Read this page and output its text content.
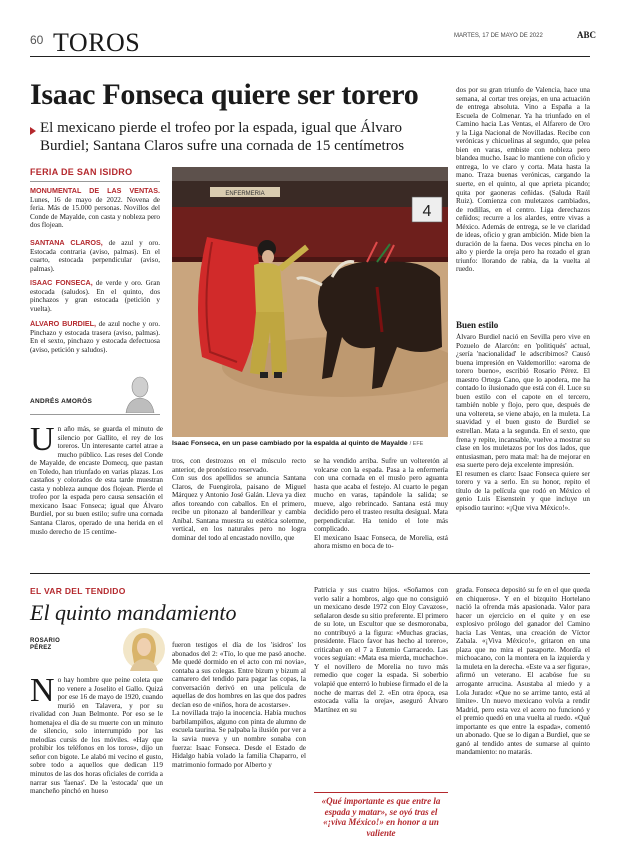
60 TOROS	MARTES, 17 DE MAYO DE 2022	ABC
Isaac Fonseca quiere ser torero
El mexicano pierde el trofeo por la espada, igual que Álvaro Burdiel; Santana Claros sufre una cornada de 15 centímetros
FERIA DE SAN ISIDRO
MONUMENTAL DE LAS VENTAS. Lunes, 16 de mayo de 2022. Novena de feria. Más de 15.000 personas. Novillos del Conde de Mayalde, con casta y nobleza pero dos flojean.
SANTANA CLAROS, de azul y oro. Estocada contraria (aviso, palmas). En el cuarto, estocada perpendicular (aviso, palmas).
ISAAC FONSECA, de verde y oro. Gran estocada (saludos). En el quinto, dos pinchazos y gran estocada (petición y vuelta).
ÁLVARO BURDIEL, de azul noche y oro. Pinchazo y estocada trasera (aviso, palmas). En el sexto, pinchazo y estocada defectuosa (aviso, petición y saludos).
ANDRÉS AMORÓS
ENFERMERIA
4
Isaac Fonseca, en un pase cambiado por la espalda al quinto de Mayalde / EFE
Un año más, se guarda el minuto de silencio por Gallito, el rey de los toreros. Un interesante cartel atrae a mucho público. Las reses del Conde de Mayalde, de encaste Domecq, que pastan en Toledo, han triunfado en varias plazas. Los castaños y colorados de esta tarde muestran casta y nobleza aunque dos flojean. Pierde el trofeo por la espada pero causa sensación el mexicano Isaac Fonseca; igual que Álvaro Burdiel, por su buen estilo; sufre una cornada Santana Claros, operado de una herida en el muslo derecho de 15 centíme-
tros, con destrozos en el músculo recto anterior, de pronóstico reservado.
Con sus dos apellidos se anuncia Santana Claros, de Fuengirola, paisano de Miguel Márquez y Antonio José Galán. Lleva ya diez años toreando con caballos. En el primero, recibe un pitonazo al banderillear y cambia Aníbal. Santana muestra su estética solemne, vertical, en los naturales pero no logra dominar del todo al encastado novillo, que
se ha vendido arriba. Sufre un volteretón al volcarse con la espada. Pasa a la enfermería con una cornada en el muslo pero aguanta hasta que acaba el festejo. Al cuarto le pegan mucho en varas, tapándole la salida; se mueve, algo rebrincado. Santana está muy decidido pero el trasteo resulta desigual. Mata perpendicular. Ha tenido el lote más complicado.
El mexicano Isaac Fonseca, de Morelia, está ahora mismo en boca de to-
dos por su gran triunfo de Valencia, hace una semana, al cortar tres orejas, en una actuación de entrega absoluta. Vino a España a la Escuela de Colmenar. Ya ha triunfado en el Camino hacia Las Ventas, el Alfarero de Oro y la Liga Nacional de Novilladas. Recibe con verónicas y chicuelinas al segundo, que pelea bien en varas, embiste con nobleza pero blandea mucho. Isaac lo mantiene con oficio y entrega, lo ve claro y corta. Mata hasta la mano. Traza buenas verónicas, cargando la suerte, en el quinto, al que aprieta picando; quita por gaoneras ceñidas. (Saluda Raúl Ruiz). Comienza con muletazos cambiados, de rodillas, en el centro. Liga derechazos ceñidos; recurre a los alardes, entre vivas a México. Además de entrega, se le ve claridad de ideas, oficio y gran ambición. Mide bien la duración de la faena. Dos veces pincha en lo alto y pierde la oreja pero ha rozado el gran triunfo: llorando de rabia, da la vuelta al ruedo.
Buen estilo
Álvaro Burdiel nació en Sevilla pero vive en Pozuelo de Alarcón: en 'politiqués' actual, ¿sería 'nacionalidad' le adscribimos? Causó buena impresión en Valdemorillo: «aroma de torero bueno», escribió Rosario Pérez. El maestro Ortega Cano, que lo apodera, me ha contado lo ilusionado que está con él. Luce su buen estilo con el capote en el tercero, también noble y flojo, pero que, después de una voltereta, se viene abajo, en la muleta. La suavidad y el buen gusto de Burdiel se estrellan. Mata a la segunda. En el sexto, que frena y repite, incansable, vuelve a mostrar su clase en los muletazos por los dos lados, que entusiasman, pero mata mal: ha de mejorar en esa suerte pero deja excelente impresión.
El resumen es claro: Isaac Fonseca quiere ser torero y va a serlo. En su honor, repito el título de la película que rodó en México el genio Luis Eisenstein y que incluye un episodio taurino: «¡Que viva México!».
EL VAR DEL TENDIDO
El quinto mandamiento
ROSARIO
PÉREZ
No hay hombre que peine coleta que no venere a Joselito el Gallo. Quizá por ese 16 de mayo de 1920, cuando murió en Talavera, y por su rivalidad con Juan Belmonte. Por eso se le homenajea el día de su muerte con un minuto de silencio, solo interrumpido por las melodías cursis de los móviles. «Hay que prohibir los teléfonos en los toros», dijo un señor con bigote. Le alabó mi vecino el gusto, sobre todo a aquellos que dedican 119 minutos de las dos horas oficiales de corrida a narrar sus 'faenas'. De la 'estocada' que un mancheño pinchó en hueso
fueron testigos el día de los 'isidros' los abonados del 2: «Tío, lo que me pasó anoche. Me quedé dormido en el acto con mi novia», contaba a sus colegas. Entre bizum y bizum al camarero del tendido para pagar las copas, la conversación derivó en una película de aquellas de dos hombres en las que dos padres decían eso de «niños, hora de acostarse».
La novillada trajo la inocencia. Había muchos barbilampiños, alguno con pinta de alumno de escuela taurina. Se palpaba la ilusión por ver a la savia nueva y un nombre sonaba con fuerza: Isaac Fonseca. Desde el Estado de Hidalgo había volado la familia Chaparro, el matrimonio formado por Alberto y
Patricia y sus cuatro hijos. «Soñamos con verlo salir a hombros, algo que no consiguió un mexicano desde 1972 con Eloy Cavazos», señalaron desde su sitio preferente. El primero de su lote, un Escultor que se desmoronaba, no contribuyó a la figura: «Muchas gracias, presidente. Flaco favor has hecho al torero», criticaban en el 7 a Eutemio Carracedo. Las voces seguían: «Mata esa mierda, muchacho». Y el novillero de Morelia no tuvo más remedio que coger la espada. Si soberbio volapié que enterró lo hubiese firmado el de la noche de marras del 2. «En otra época, esa estocada valía la oreja», aseguró Álvaro Martínez en su
«Qué importante es que entre la espada y matar», se oyó tras el «¡viva México!» en honor a un valiente
grada. Fonseca depositó su fe en el que queda en chiqueros». Y en el bizquito Hortelano nació la ofrenda más apasionada. Valor para hacer un ejercicio en el quite y en ese explosivo prólogo del ganador del Camino hacia Las Ventas, una creación de Víctor Zabala. «¡Viva México!», gritaron en una plaza que no mira el pasaporte. Mordía el michoacano, con la montera en la izquierda y la muleta en la derecha. «Este va a ser figura», afirmó un veterano. El acabóse fue su arrogante arrucina. Asustaba al miedo y a Lola Jurado: «Que no se arrime tanto, está al límite». Un nuevo mexicano volvía a rendir Madrid, pero esta vez el acero no funcionó y el premio quedó en una vuelta al ruedo. «Qué importante es que entre la espada», comentó un abonado. Que se lo digan a Burdiel, que se ganó al tendido antes de sumarse al quinto mandamiento: no matarás.
